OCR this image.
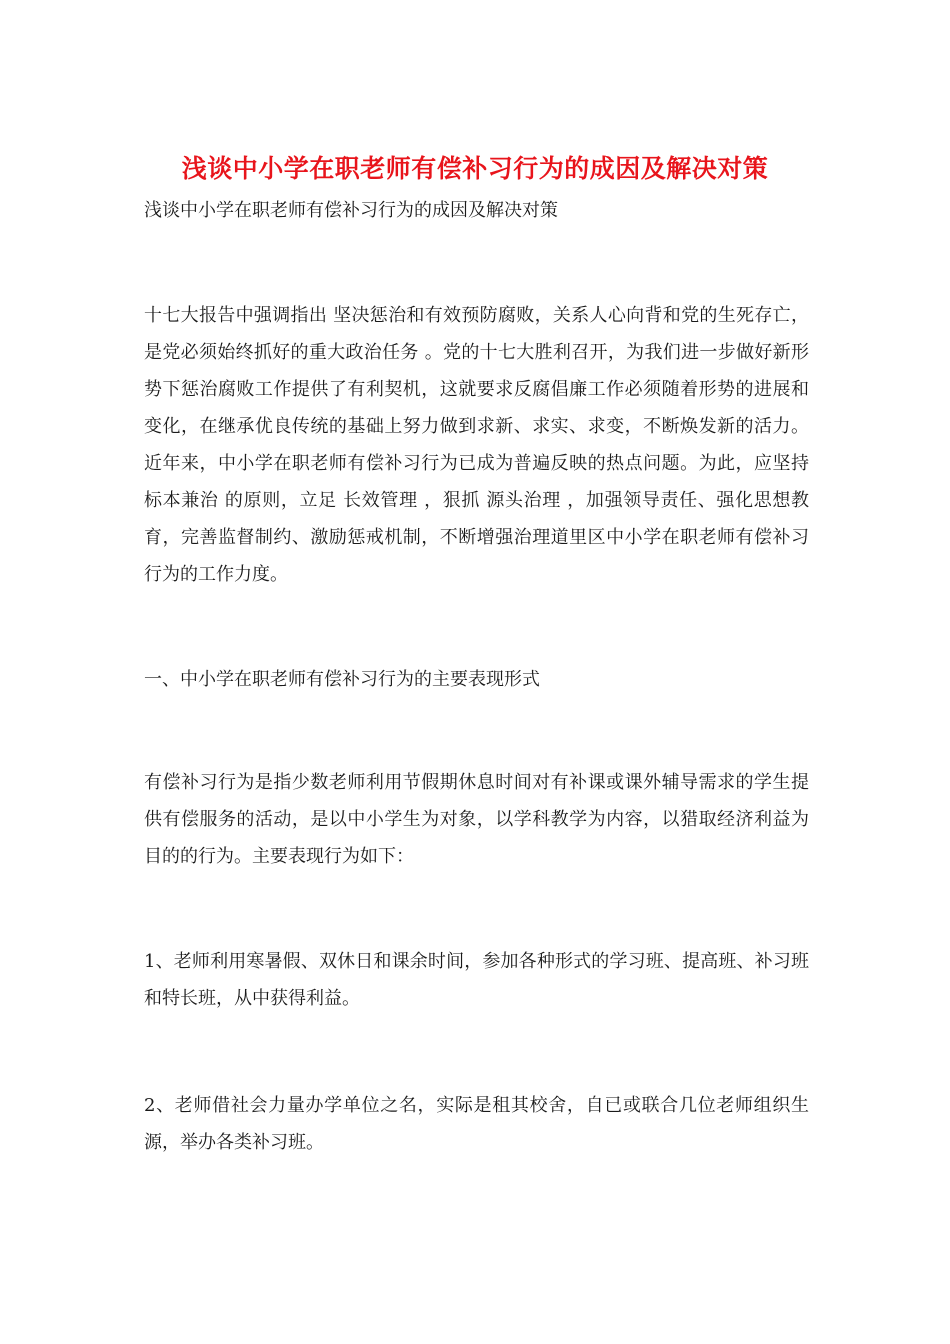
浅谈中小学在职老师有偿补习行为的成因及解决对策
浅谈中小学在职老师有偿补习行为的成因及解决对策
十七大报告中强调指出 坚决惩治和有效预防腐败，关系人心向背和党的生死存亡，是党必须始终抓好的重大政治任务 。党的十七大胜利召开，为我们进一步做好新形势下惩治腐败工作提供了有利契机，这就要求反腐倡廉工作必须随着形势的进展和变化，在继承优良传统的基础上努力做到求新、求实、求变，不断焕发新的活力。近年来，中小学在职老师有偿补习行为已成为普遍反映的热点问题。为此，应坚持 标本兼治 的原则，立足 长效管理 ，狠抓 源头治理 ，加强领导责任、强化思想教育，完善监督制约、激励惩戒机制，不断增强治理道里区中小学在职老师有偿补习行为的工作力度。
一、中小学在职老师有偿补习行为的主要表现形式
有偿补习行为是指少数老师利用节假期休息时间对有补课或课外辅导需求的学生提供有偿服务的活动，是以中小学生为对象，以学科教学为内容，以猎取经济利益为目的的行为。主要表现行为如下：
1、老师利用寒暑假、双休日和课余时间，参加各种形式的学习班、提高班、补习班和特长班，从中获得利益。
2、老师借社会力量办学单位之名，实际是租其校舍，自已或联合几位老师组织生源，举办各类补习班。
